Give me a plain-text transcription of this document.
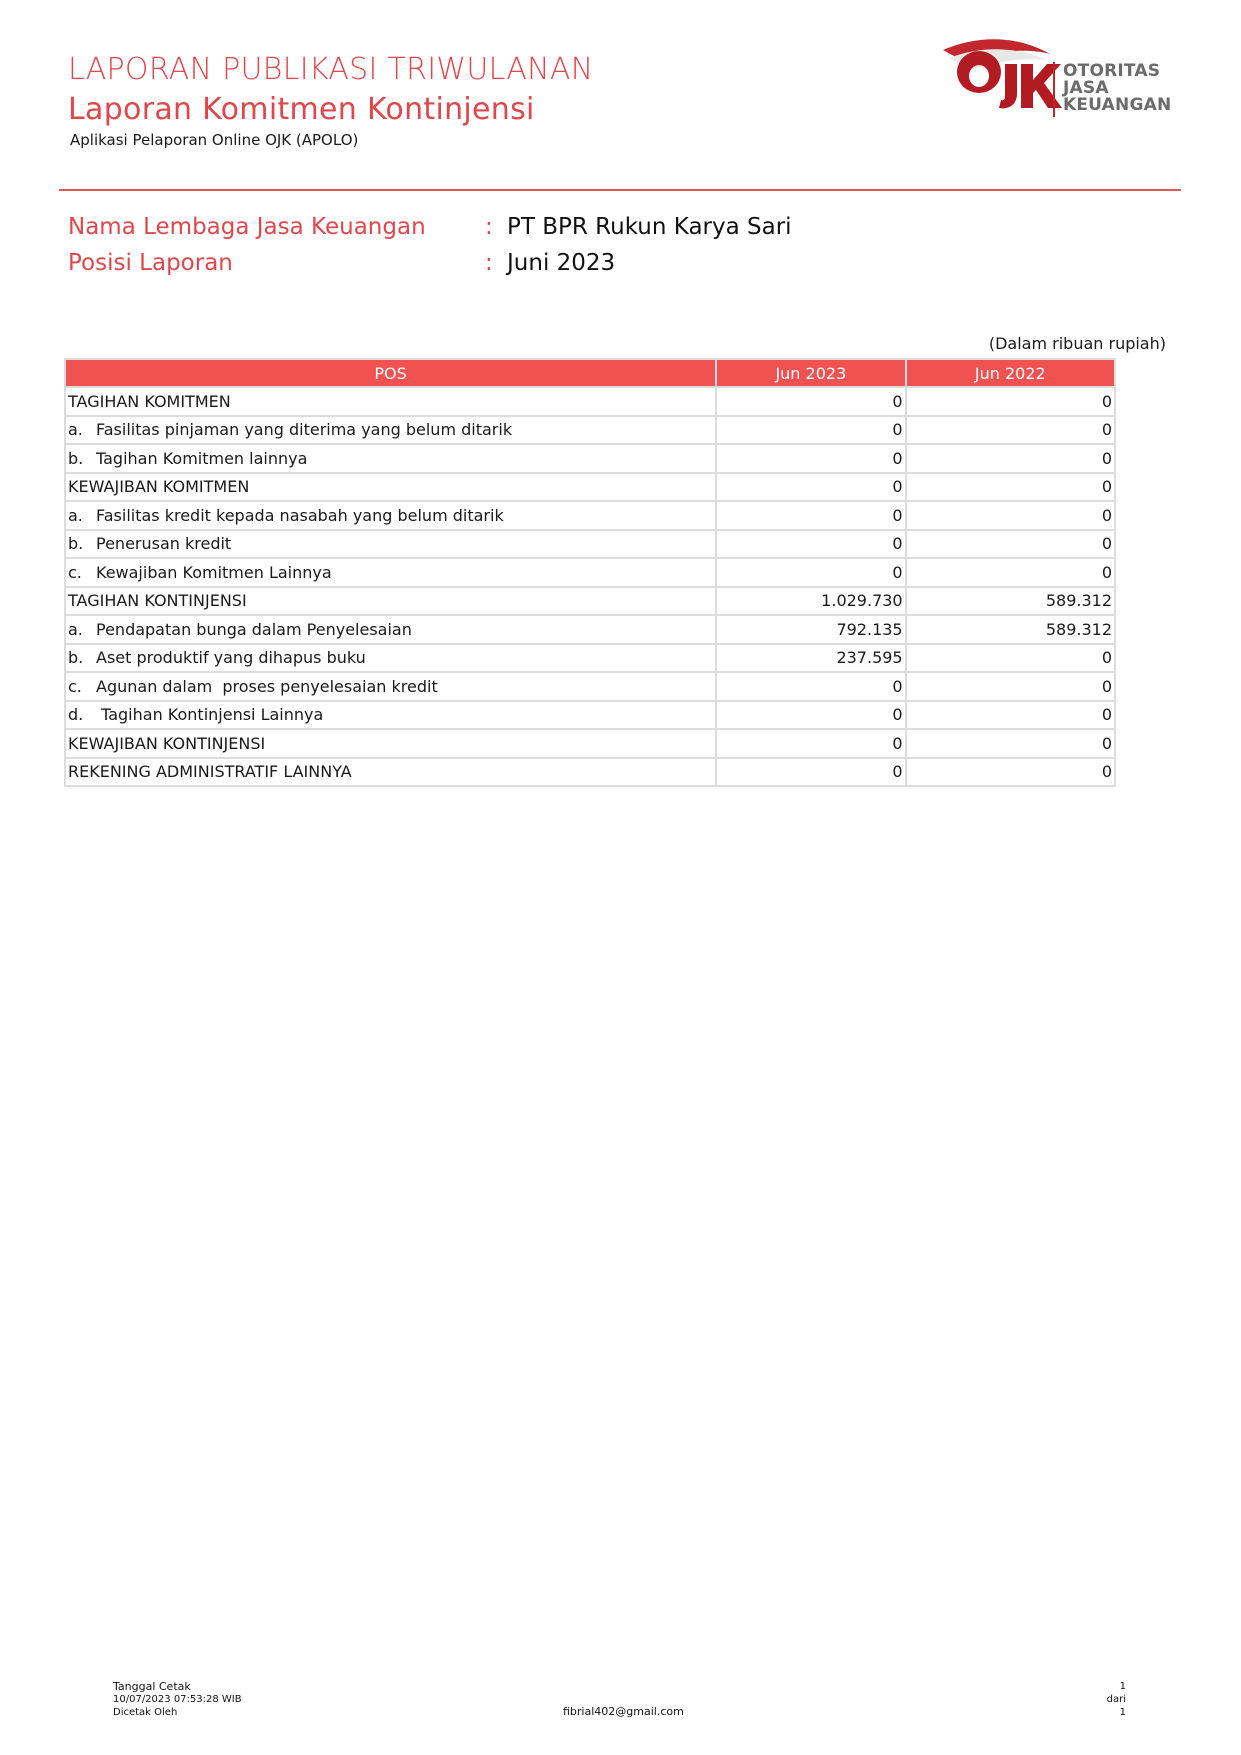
LAPORAN PUBLIKASI TRIWULANAN
Laporan Komitmen Kontinjensi
Aplikasi Pelaporan Online OJK (APOLO)
OTORITAS
JASA
KEUANGAN
Nama Lembaga Jasa Keuangan	: PT BPR Rukun Karya Sari
Posisi Laporan	: Juni 2023
(Dalam ribuan rupiah)
POS	Jun 2023	Jun 2022
TAGIHAN KOMITMEN	0	0
a. Fasilitas pinjaman yang diterima yang belum ditarik	0	0
b. Tagihan Komitmen lainnya	0	0
KEWAJIBAN KOMITMEN	0	0
a. Fasilitas kredit kepada nasabah yang belum ditarik	0	0
b. Penerusan kredit	0	0
c. Kewajiban Komitmen Lainnya	0	0
TAGIHAN KONTINJENSI	1.029.730	589.312
a. Pendapatan bunga dalam Penyelesaian	792.135	589.312
b. Aset produktif yang dihapus buku	237.595	0
c. Agunan dalam  proses penyelesaian kredit	0	0
d. Tagihan Kontinjensi Lainnya	0	0
KEWAJIBAN KONTINJENSI	0	0
REKENING ADMINISTRATIF LAINNYA	0	0
Tanggal Cetak
10/07/2023 07:53:28 WIB
Dicetak Oleh	fibrial402@gmail.com
1
dari
1
